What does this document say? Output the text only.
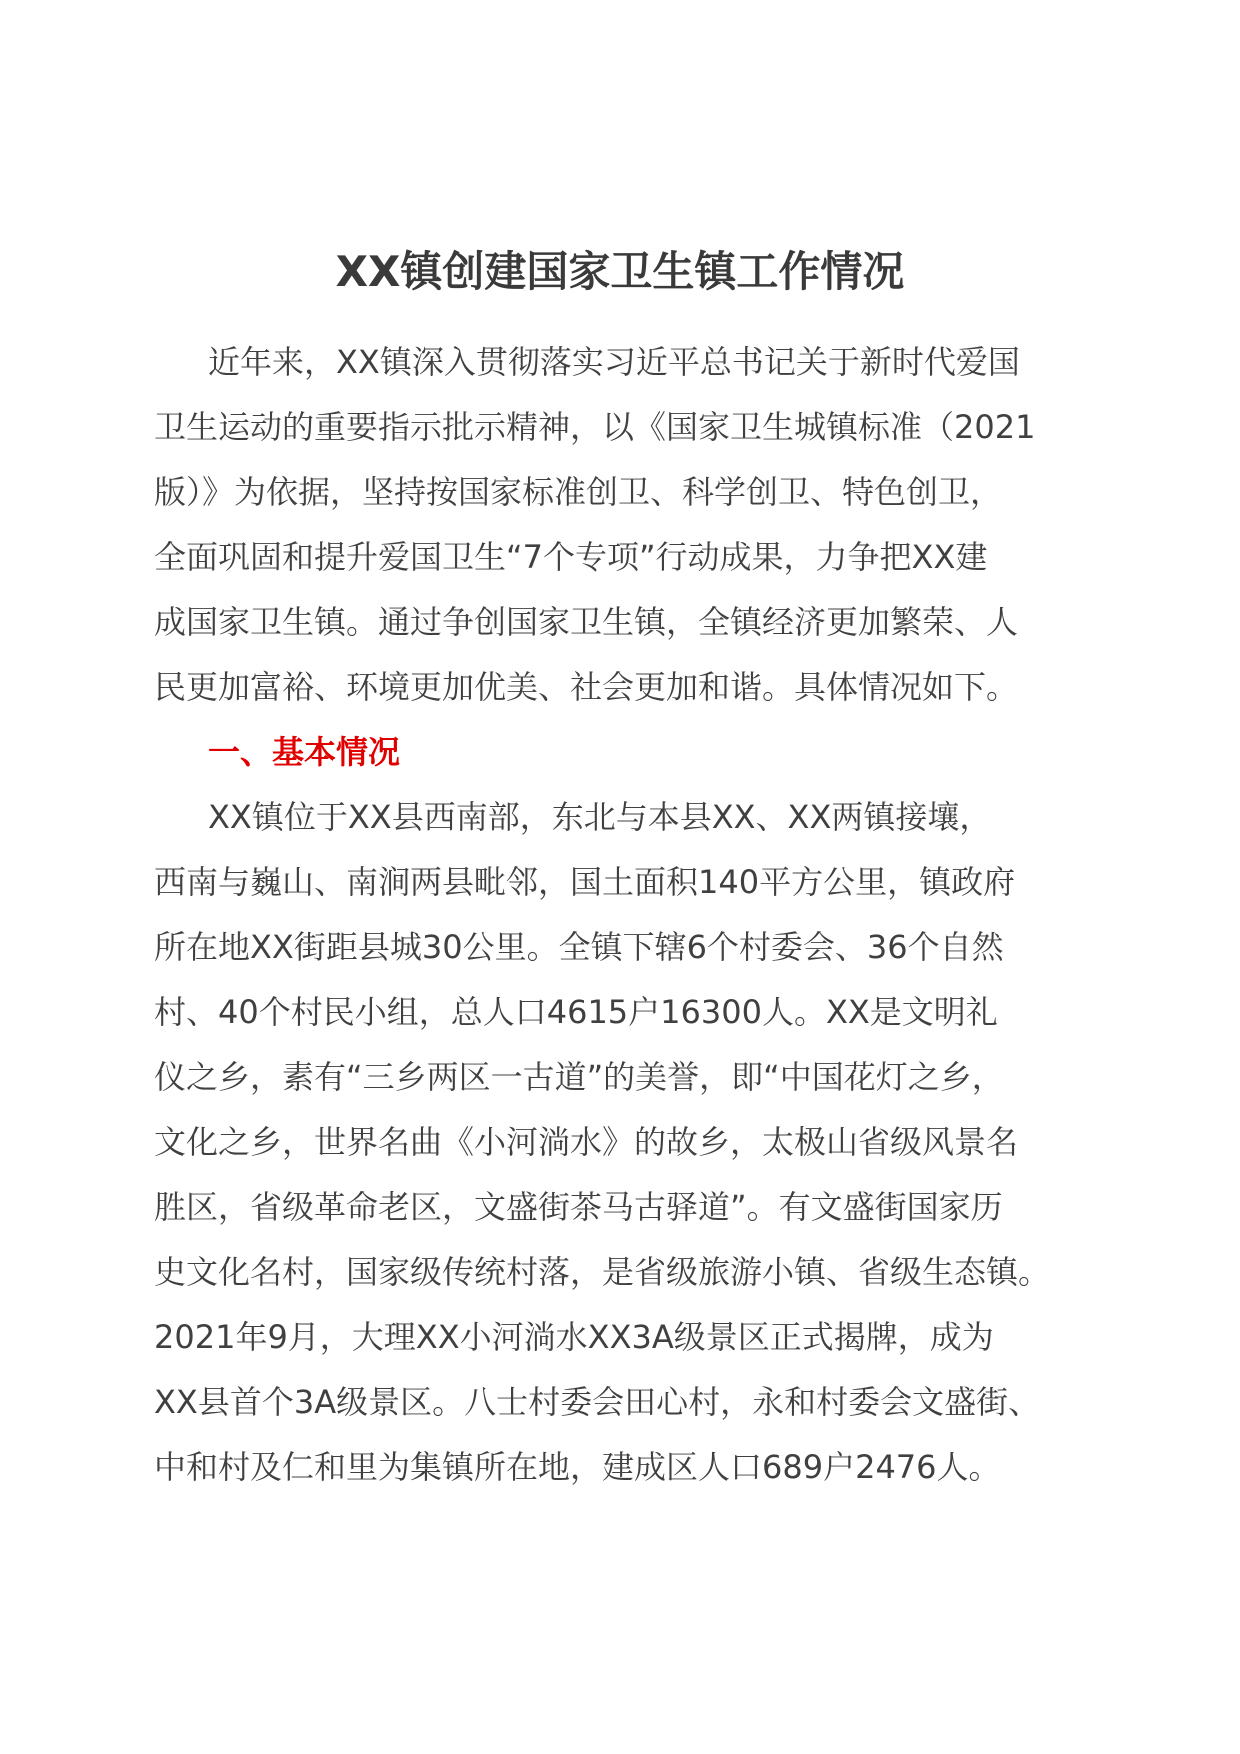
XX镇创建国家卫生镇工作情况
近年来，XX镇深入贯彻落实习近平总书记关于新时代爱国
卫生运动的重要指示批示精神，以《国家卫生城镇标准（2021
版）》为依据，坚持按国家标准创卫、科学创卫、特色创卫，
全面巩固和提升爱国卫生“7个专项”行动成果，力争把XX建
成国家卫生镇。通过争创国家卫生镇，全镇经济更加繁荣、人
民更加富裕、环境更加优美、社会更加和谐。具体情况如下。
一、基本情况
XX镇位于XX县西南部，东北与本县XX、XX两镇接壤，
西南与巍山、南涧两县毗邻，国土面积140平方公里，镇政府
所在地XX街距县城30公里。全镇下辖6个村委会、36个自然
村、40个村民小组，总人口4615户16300人。XX是文明礼
仪之乡，素有“三乡两区一古道”的美誉，即“中国花灯之乡，
文化之乡，世界名曲《小河淌水》的故乡，太极山省级风景名
胜区，省级革命老区，文盛街茶马古驿道”。有文盛街国家历
史文化名村，国家级传统村落，是省级旅游小镇、省级生态镇。
2021年9月，大理XX小河淌水XX3A级景区正式揭牌，成为
XX县首个3A级景区。八士村委会田心村，永和村委会文盛街、
中和村及仁和里为集镇所在地，建成区人口689户2476人。
